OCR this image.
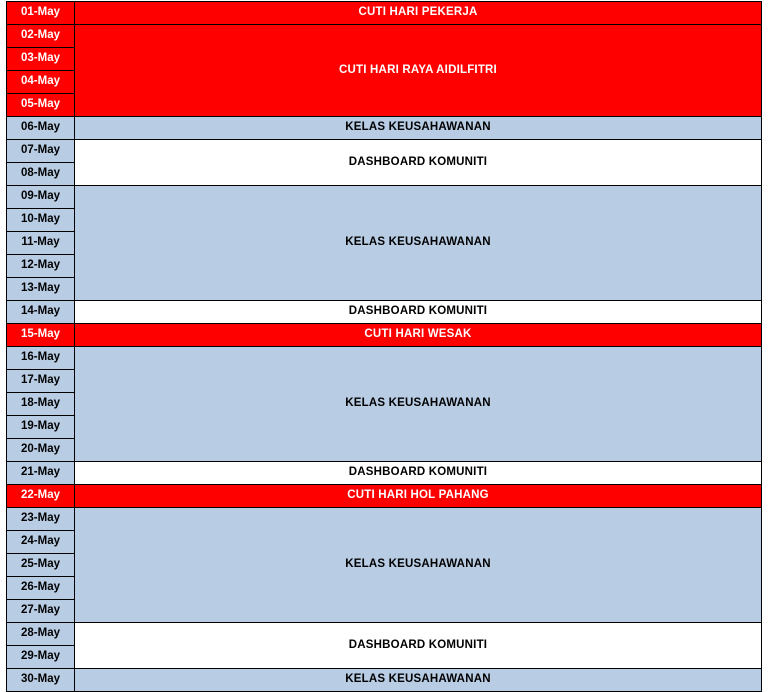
01-May	CUTI HARI PEKERJA
02-May	CUTI HARI RAYA AIDILFITRI
03-May	
04-May	
05-May	
06-May	KELAS KEUSAHAWANAN
07-May	DASHBOARD KOMUNITI
08-May	
09-May	KELAS KEUSAHAWANAN
10-May	
11-May	
12-May	
13-May	
14-May	DASHBOARD KOMUNITI
15-May	CUTI HARI WESAK
16-May	KELAS KEUSAHAWANAN
17-May	
18-May	
19-May	
20-May	
21-May	DASHBOARD KOMUNITI
22-May	CUTI HARI HOL PAHANG
23-May	KELAS KEUSAHAWANAN
24-May	
25-May	
26-May	
27-May	
28-May	DASHBOARD KOMUNITI
29-May	
30-May	KELAS KEUSAHAWANAN
